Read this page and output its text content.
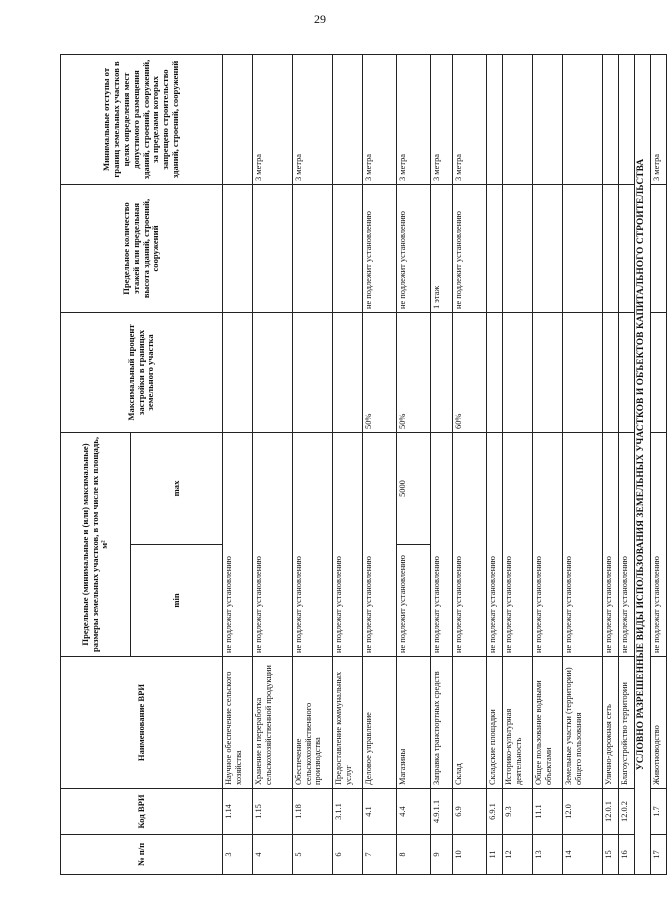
29
№ п/п	Код ВРИ	Наименование ВРИ	Предельные (минимальные и (или) максимальные) размеры земельных участков, в том числе их площадь, м²		Максимальный процент застройки в границах земельного участка	Предельное количество этажей или предельная высота зданий, строений, сооружений	Минимальные отступы от границ земельных участков в целях определения мест допустимого размещения зданий, строений, сооружений, за пределами которых запрещено строительство зданий, строений, сооружений
			min	max			
3	1.14	Научное обеспечение сельского хозяйства	не подлежат установлению				
4	1.15	Хранение и переработка сельскохозяйственной продукции	не подлежат установлению				3 метра
5	1.18	Обеспечение сельскохозяйственного производства	не подлежат установлению				3 метра
6	3.1.1	Предоставление коммунальных услуг	не подлежат установлению				
7	4.1	Деловое управление	не подлежат установлению		50%	не подлежит установлению	3 метра
8	4.4	Магазины	не подлежит установлению	5000	50%	не подлежит установлению	3 метра
9	4.9.1.1	Заправка транспортных средств	не подлежат установлению			1 этаж	3 метра
10	6.9	Склад	не подлежат установлению		60%	не подлежит установлению	3 метра
11	6.9.1	Складские площадки	не подлежат установлению				
12	9.3	Историко-культурная деятельность	не подлежат установлению				
13	11.1	Общее пользование водными объектами	не подлежат установлению				
14	12.0	Земельные участки (территории) общего пользования	не подлежат установлению				
15	12.0.1	Улично-дорожная сеть	не подлежат установлению				
16	12.0.2	Благоустройство территории	не подлежат установлению				
УСЛОВНО РАЗРЕШЕННЫЕ ВИДЫ ИСПОЛЬЗОВАНИЯ ЗЕМЕЛЬНЫХ УЧАСТКОВ И ОБЪЕКТОВ КАПИТАЛЬНОГО СТРОИТЕЛЬСТВА							
17	1.7	Животноводство	не подлежат установлению				3 метра
